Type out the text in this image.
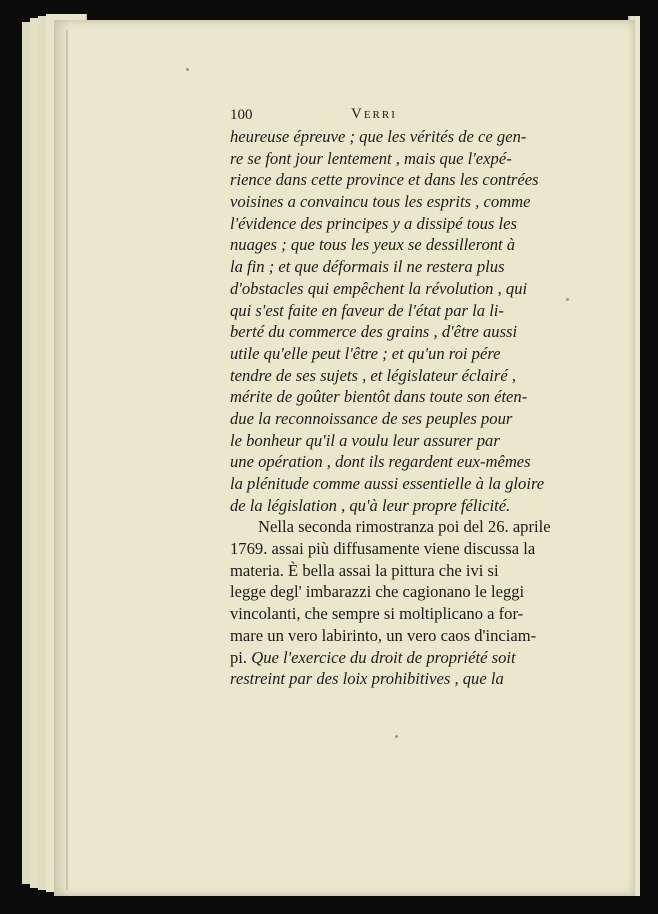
100	Verri
heureuse épreuve ; que les vérités de ce gen-
re se font jour lentement , mais que l'expé-
rience dans cette province et dans les contrées
voisines a convaincu tous les esprits , comme
l'évidence des principes y a dissipé tous les
nuages ; que tous les yeux se dessilleront à
la fin ; et que déformais il ne restera plus
d'obstacles qui empêchent la révolution , qui
qui s'est faite en faveur de l'état par la li-
berté du commerce des grains , d'être aussi
utile qu'elle peut l'être ; et qu'un roi pére
tendre de ses sujets , et législateur éclairé ,
mérite de goûter bientôt dans toute son éten-
due la reconnoissance de ses peuples pour
le bonheur qu'il a voulu leur assurer par
une opération , dont ils regardent eux-mêmes
la plénitude comme aussi essentielle à la gloire
de la législation , qu'à leur propre félicité.
Nella seconda rimostranza poi del 26. aprile
1769. assai più diffusamente viene discussa la
materia. È bella assai la pittura che ivi si
legge degl' imbarazzi che cagionano le leggi
vincolanti, che sempre si moltiplicano a for-
mare un vero labirinto, un vero caos d'inciam-
pi. Que l'exercice du droit de propriété soit
restreint par des loix prohibitives , que la
